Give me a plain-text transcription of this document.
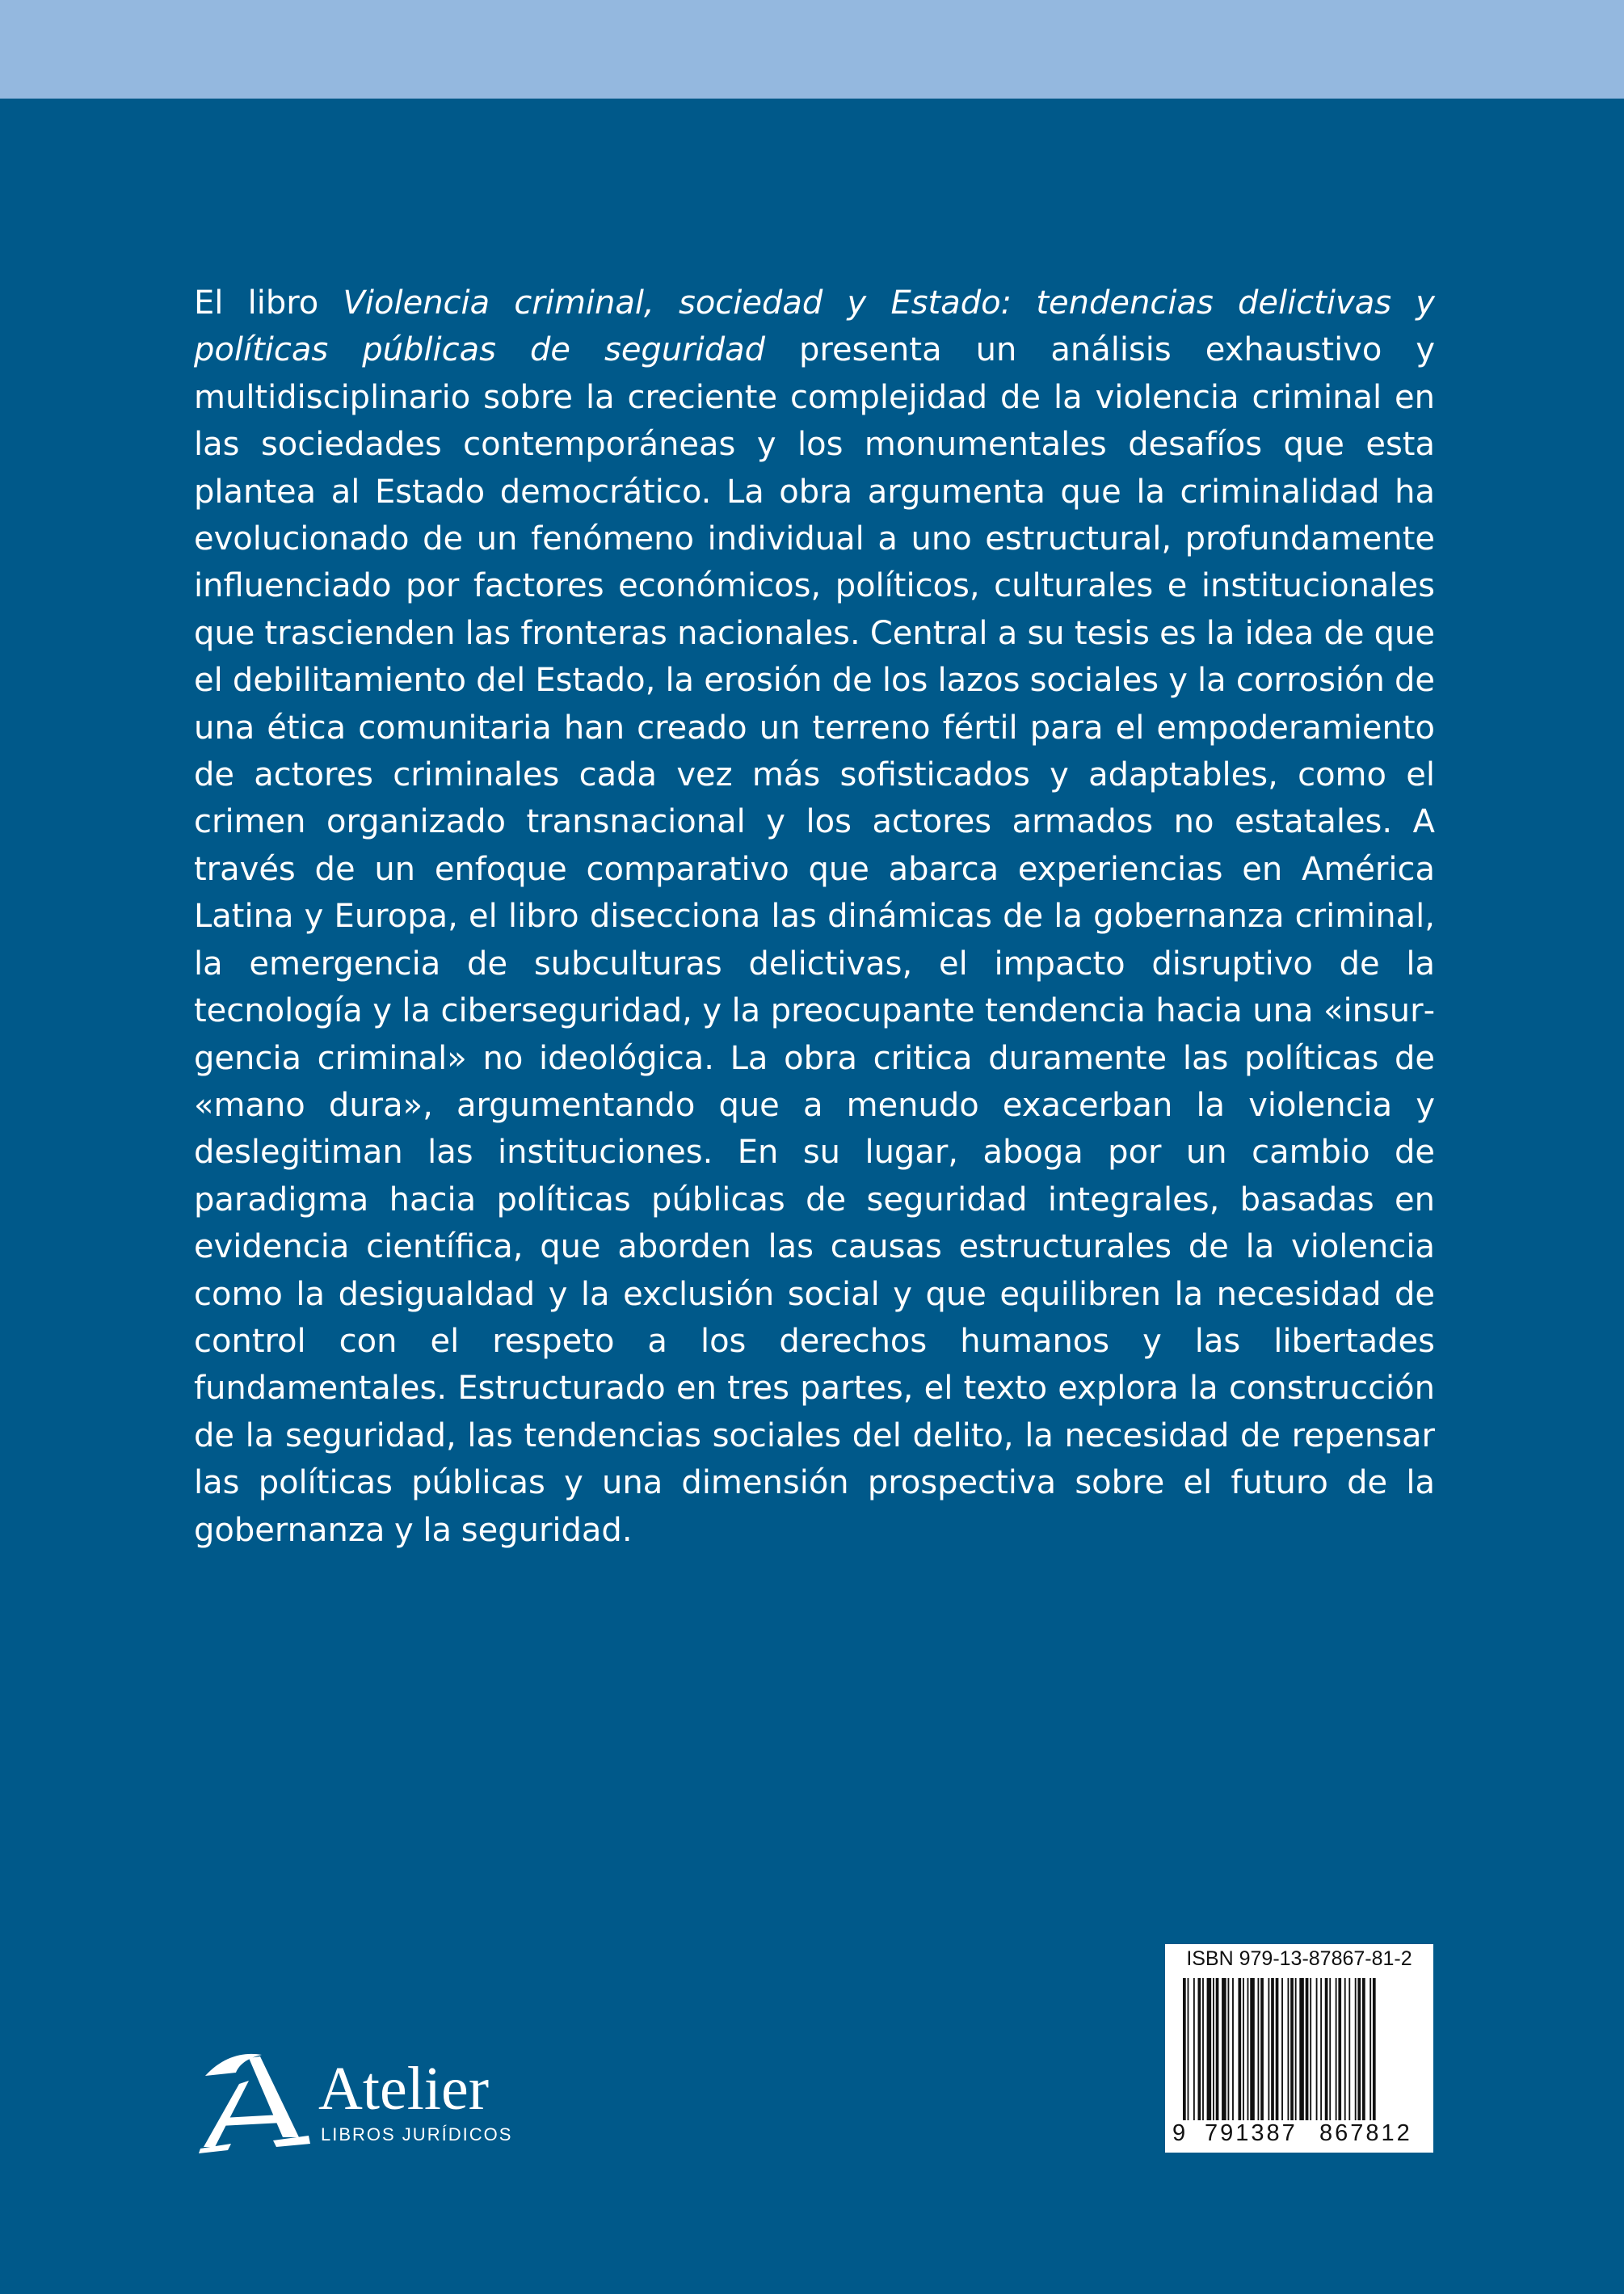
El libro Violencia criminal, sociedad y Estado: tendencias delictivas y políticas públicas de seguridad presenta un análisis exhaustivo y multidisciplinario sobre la creciente complejidad de la violencia criminal en las sociedades contemporáneas y los monumentales desafíos que esta plantea al Estado democrático. La obra argumenta que la criminalidad ha evolucionado de un fenómeno individual a uno estructural, profundamente influenciado por factores económicos, políticos, culturales e institucionales que trascienden las fronteras nacionales. Central a su tesis es la idea de que el debilitamiento del Estado, la erosión de los lazos sociales y la corrosión de una ética comunitaria han creado un terreno fértil para el empoderamiento de actores criminales cada vez más sofisticados y adaptables, como el crimen organizado transnacional y los actores armados no estatales. A través de un enfoque comparativo que abarca experiencias en América Latina y Europa, el libro disecciona las dinámicas de la gobernanza criminal, la emergencia de subculturas delictivas, el impacto disruptivo de la tecnología y la ciberseguridad, y la preocupante tendencia hacia una «insurgencia criminal» no ideológica. La obra critica duramente las políticas de «mano dura», argumentando que a menudo exacerban la violencia y deslegitiman las instituciones. En su lugar, aboga por un cambio de paradigma hacia políticas públicas de seguridad integrales, basadas en evidencia científica, que aborden las causas estructurales de la violencia como la desigualdad y la exclusión social y que equilibren la necesidad de control con el respeto a los derechos humanos y las libertades fundamentales. Estructurado en tres partes, el texto explora la construcción de la seguridad, las tendencias sociales del delito, la necesidad de repensar las políticas públicas y una dimensión prospectiva sobre el futuro de la gobernanza y la seguridad.

Atelier
LIBROS JURÍDICOS
ISBN 979-13-87867-81-2
9 791387 867812
